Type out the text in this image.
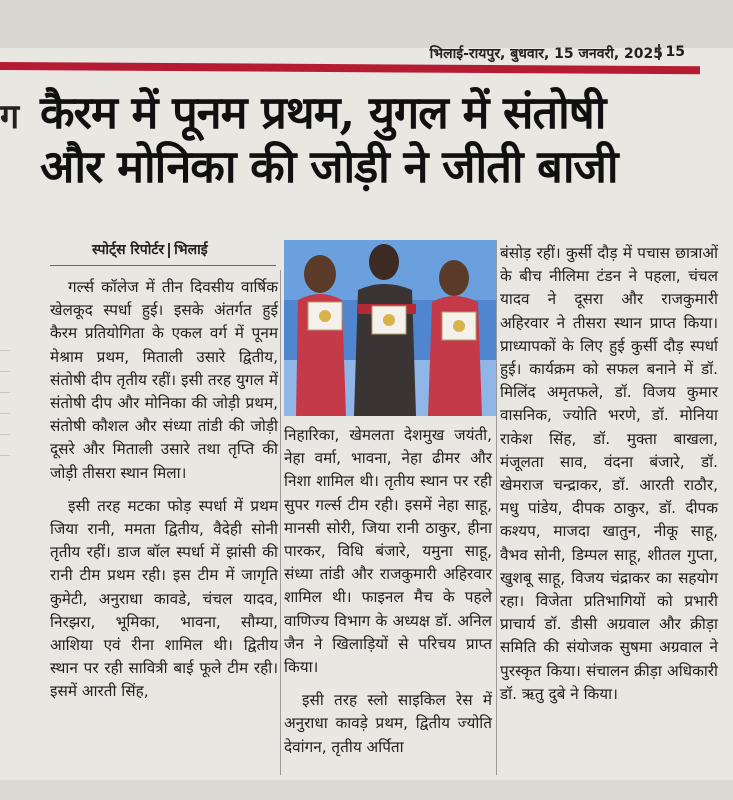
भिलाई-रायपुर, बुधवार, 15 जनवरी, 2025 15
ग कैरम में पूनम प्रथम, युगल में संतोषी
और मोनिका की जोड़ी ने जीती बाजी
स्पोर्ट्स रिपोर्टर भिलाई

गर्ल्स कॉलेज में तीन दिवसीय वार्षिक खेलकूद स्पर्धा हुई। इसके अंतर्गत हुई कैरम प्रतियोगिता के एकल वर्ग में पूनम मेश्राम प्रथम, मिताली उसारे द्वितीय, संतोषी दीप तृतीय रहीं। इसी तरह युगल में संतोषी दीप और मोनिका की जोड़ी प्रथम, संतोषी कौशल और संध्या तांडी की जोड़ी दूसरे और मिताली उसारे तथा तृप्ति की जोड़ी तीसरा स्थान मिला।

इसी तरह मटका फोड़ स्पर्धा में प्रथम जिया रानी, ममता द्वितीय, वैदेही सोनी तृतीय रहीं। डाज बॉल स्पर्धा में झांसी की रानी टीम प्रथम रही। इस टीम में जागृति कुमेटी, अनुराधा कावडे, चंचल यादव, निरझरा, भूमिका, भावना, सौम्या, आशिया एवं रीना शामिल थी। द्वितीय स्थान पर रही सावित्री बाई फूले टीम रही। इसमें आरती सिंह,

निहारिका, खेमलता देशमुख जयंती, नेहा वर्मा, भावना, नेहा ढीमर और निशा शामिल थी। तृतीय स्थान पर रही सुपर गर्ल्स टीम रही। इसमें नेहा साहू, मानसी सोरी, जिया रानी ठाकुर, हीना पारकर, विधि बंजारे, यमुना साहू, संध्या तांडी और राजकुमारी अहिरवार शामिल थी। फाइनल मैच के पहले वाणिज्य विभाग के अध्यक्ष डॉ. अनिल जैन ने खिलाड़ियों से परिचय प्राप्त किया।

इसी तरह स्लो साइकिल रेस में अनुराधा कावड़े प्रथम, द्वितीय ज्योति देवांगन, तृतीय अर्पिता

बंसोड़ रहीं। कुर्सी दौड़ में पचास छात्राओं के बीच नीलिमा टंडन ने पहला, चंचल यादव ने दूसरा और राजकुमारी अहिरवार ने तीसरा स्थान प्राप्त किया। प्राध्यापकों के लिए हुई कुर्सी दौड़ स्पर्धा हुई। कार्यक्रम को सफल बनाने में डॉ. मिलिंद अमृतफले, डॉ. विजय कुमार वासनिक, ज्योति भरणे, डॉ. मोनिया राकेश सिंह, डॉ. मुक्ता बाखला, मंजूलता साव, वंदना बंजारे, डॉ. खेमराज चन्द्राकर, डॉ. आरती राठौर, मधु पांडेय, दीपक ठाकुर, डॉ. दीपक कश्यप, माजदा खातुन, नीकू साहू, वैभव सोनी, डिम्पल साहू, शीतल गुप्ता, खुशबू साहू, विजय चंद्राकर का सहयोग रहा। विजेता प्रतिभागियों को प्रभारी प्राचार्य डॉ. डीसी अग्रवाल और क्रीड़ा समिति की संयोजक सुषमा अग्रवाल ने पुरस्कृत किया। संचालन क्रीड़ा अधिकारी डॉ. ऋतु दुबे ने किया।
